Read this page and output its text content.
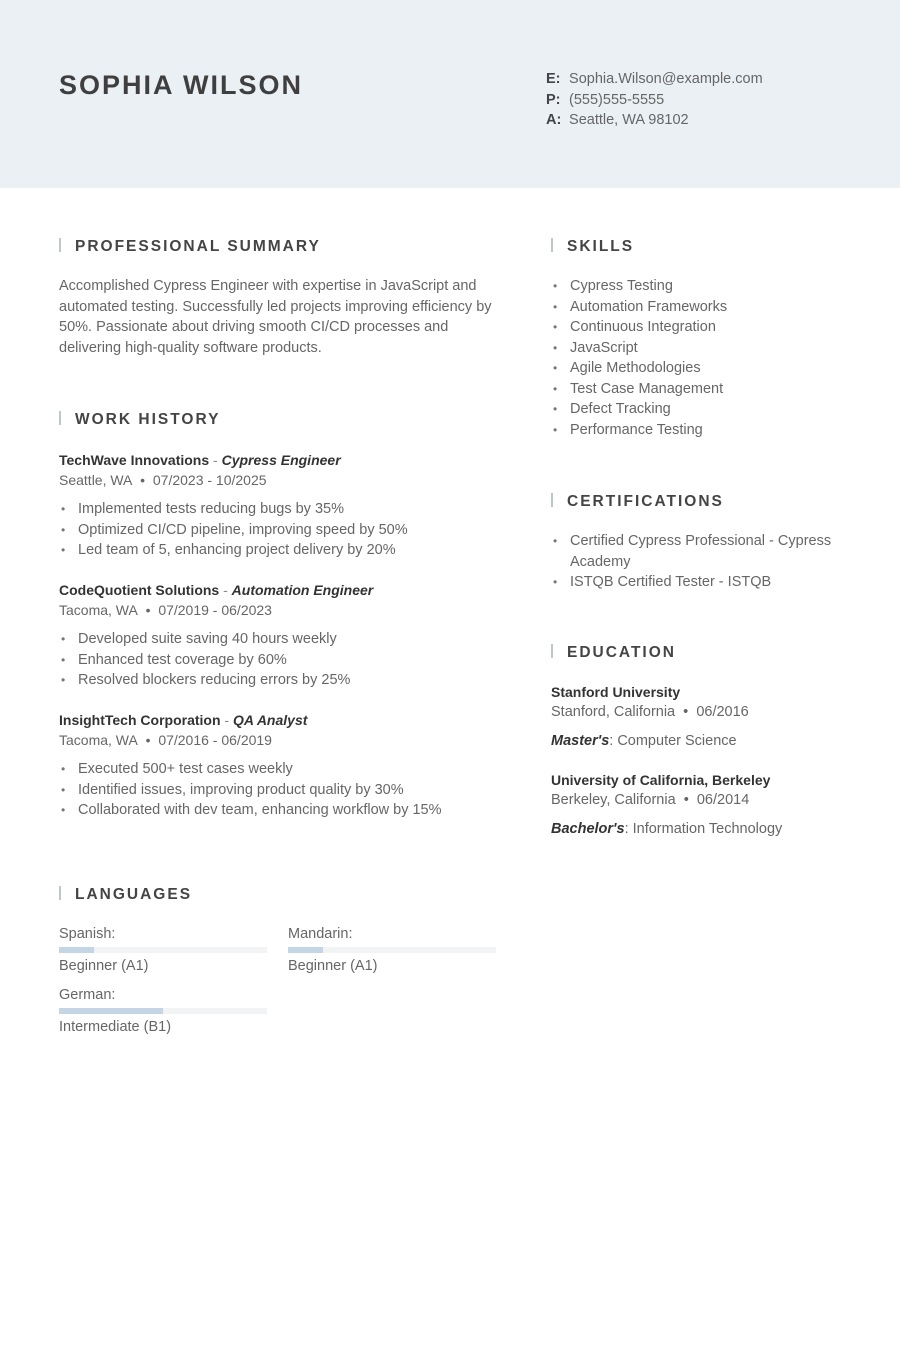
SOPHIA WILSON	E: Sophia.Wilson@example.com
P: (555)555-5555
A: Seattle, WA 98102
PROFESSIONAL SUMMARY

Accomplished Cypress Engineer with expertise in JavaScript and automated testing. Successfully led projects improving efficiency by 50%. Passionate about driving smooth CI/CD processes and delivering high-quality software products.

WORK HISTORY
TechWave Innovations - Cypress Engineer
Seattle, WA  •  07/2023 - 10/2025
• Implemented tests reducing bugs by 35%
• Optimized CI/CD pipeline, improving speed by 50%
• Led team of 5, enhancing project delivery by 20%
CodeQuotient Solutions - Automation Engineer
Tacoma, WA  •  07/2019 - 06/2023
• Developed suite saving 40 hours weekly
• Enhanced test coverage by 60%
• Resolved blockers reducing errors by 25%
InsightTech Corporation - QA Analyst
Tacoma, WA  •  07/2016 - 06/2019
• Executed 500+ test cases weekly
• Identified issues, improving product quality by 30%
• Collaborated with dev team, enhancing workflow by 15%
LANGUAGES
Spanish:
Beginner (A1)
Mandarin:
Beginner (A1)
German:
Intermediate (B1)
SKILLS
• Cypress Testing
• Automation Frameworks
• Continuous Integration
• JavaScript
• Agile Methodologies
• Test Case Management
• Defect Tracking
• Performance Testing
CERTIFICATIONS
• Certified Cypress Professional - Cypress Academy
• ISTQB Certified Tester - ISTQB
EDUCATION
Stanford University
Stanford, California  •  06/2016
Master's: Computer Science
University of California, Berkeley
Berkeley, California  •  06/2014
Bachelor's: Information Technology
